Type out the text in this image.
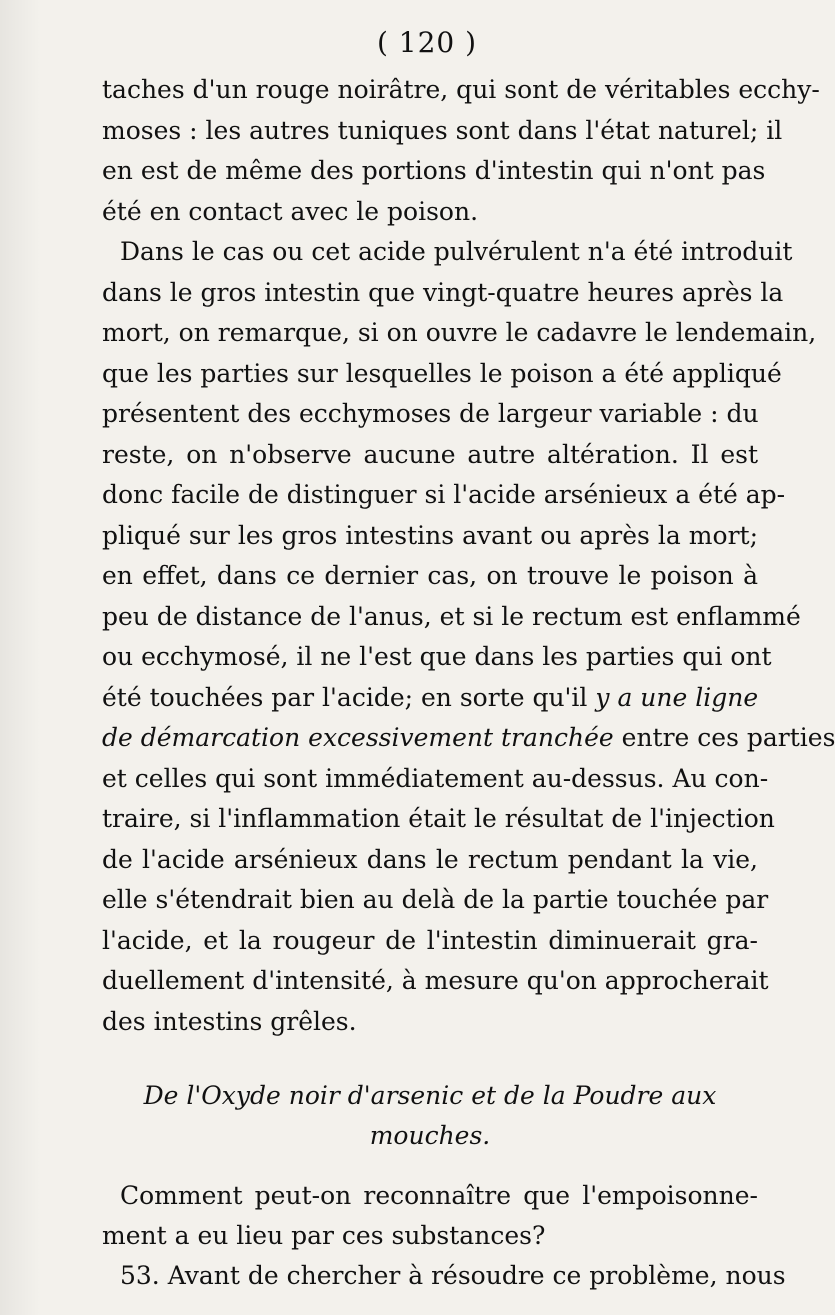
( 120 )
taches d'un rouge noirâtre, qui sont de véritables ecchy-
moses : les autres tuniques sont dans l'état naturel; il
en est de même des portions d'intestin qui n'ont pas
été en contact avec le poison.
Dans le cas ou cet acide pulvérulent n'a été introduit
dans le gros intestin que vingt-quatre heures après la
mort, on remarque, si on ouvre le cadavre le lendemain,
que les parties sur lesquelles le poison a été appliqué
présentent des ecchymoses de largeur variable : du
reste, on n'observe aucune autre altération. Il est
donc facile de distinguer si l'acide arsénieux a été ap-
pliqué sur les gros intestins avant ou après la mort;
en effet, dans ce dernier cas, on trouve le poison à
peu de distance de l'anus, et si le rectum est enflammé
ou ecchymosé, il ne l'est que dans les parties qui ont
été touchées par l'acide; en sorte qu'il y a une ligne
de démarcation excessivement tranchée entre ces parties
et celles qui sont immédiatement au-dessus. Au con-
traire, si l'inflammation était le résultat de l'injection
de l'acide arsénieux dans le rectum pendant la vie,
elle s'étendrait bien au delà de la partie touchée par
l'acide, et la rougeur de l'intestin diminuerait gra-
duellement d'intensité, à mesure qu'on approcherait
des intestins grêles.
De l'Oxyde noir d'arsenic et de la Poudre aux
mouches.
Comment peut-on reconnaître que l'empoisonne-
ment a eu lieu par ces substances?
53. Avant de chercher à résoudre ce problème, nous
